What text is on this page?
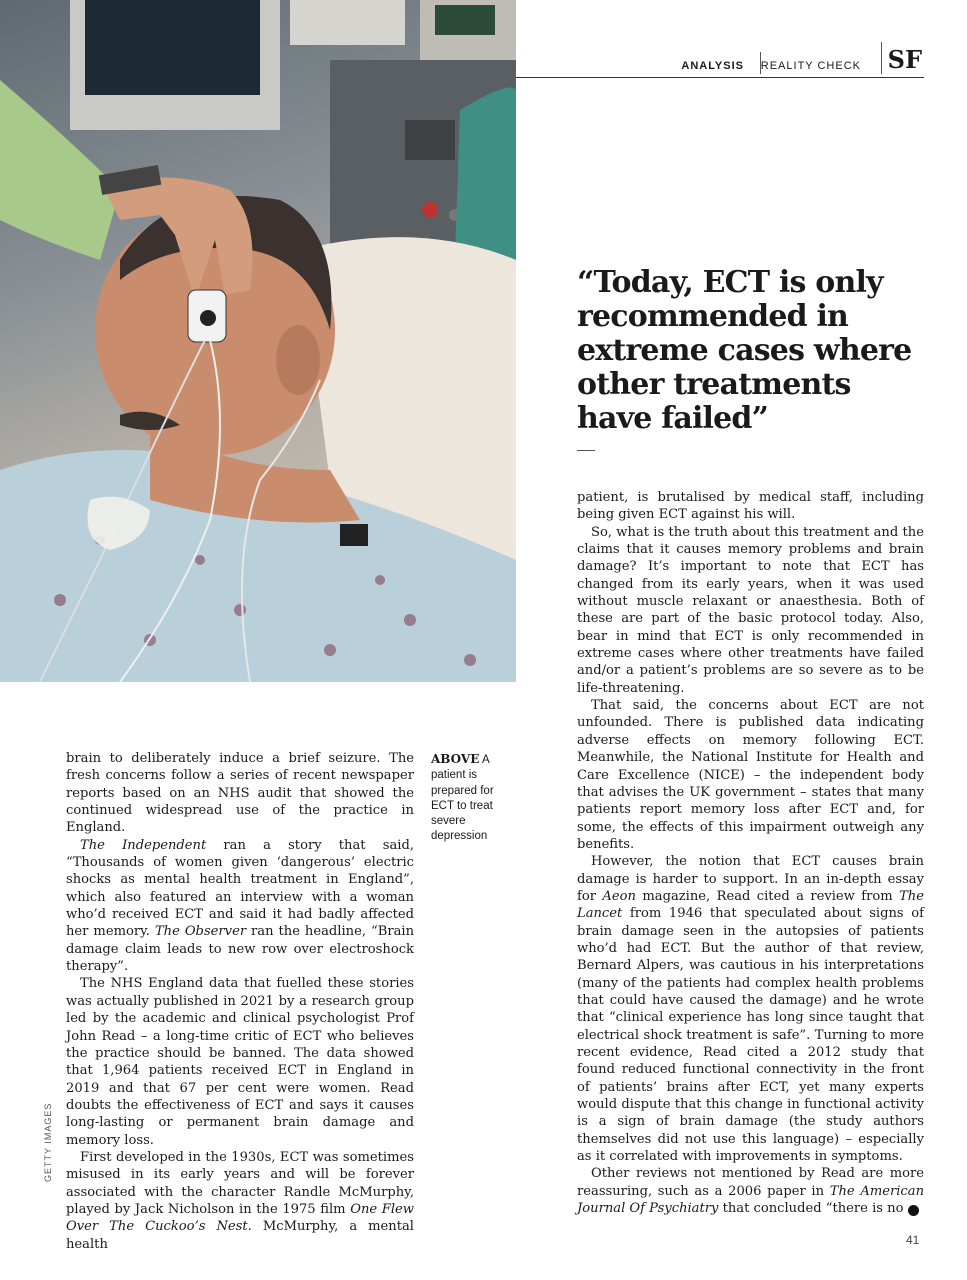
ANALYSIS REALITY CHECK SF

“Today, ECT is only recommended in extreme cases where other treatments have failed”

brain to deliberately induce a brief seizure. The fresh concerns follow a series of recent newspaper reports based on an NHS audit that showed the continued widespread use of the practice in England.

The Independent ran a story that said, “Thousands of women given ‘dangerous’ electric shocks as mental health treatment in England”, which also featured an interview with a woman who’d received ECT and said it had badly affected her memory. The Observer ran the headline, “Brain damage claim leads to new row over electroshock therapy”.

The NHS England data that fuelled these stories was actually published in 2021 by a research group led by the academic and clinical psychologist Prof John Read – a long-time critic of ECT who believes the practice should be banned. The data showed that 1,964 patients received ECT in England in 2019 and that 67 per cent were women. Read doubts the effectiveness of ECT and says it causes long-lasting or permanent brain damage and memory loss.

First developed in the 1930s, ECT was sometimes misused in its early years and will be forever associated with the character Randle McMurphy, played by Jack Nicholson in the 1975 film One Flew Over The Cuckoo’s Nest. McMurphy, a mental health

ABOVE A patient is prepared for ECT to treat severe depression

patient, is brutalised by medical staff, including being given ECT against his will.

So, what is the truth about this treatment and the claims that it causes memory problems and brain damage? It’s important to note that ECT has changed from its early years, when it was used without muscle relaxant or anaesthesia. Both of these are part of the basic protocol today. Also, bear in mind that ECT is only recommended in extreme cases where other treatments have failed and/or a patient’s problems are so severe as to be life-threatening.

That said, the concerns about ECT are not unfounded. There is published data indicating adverse effects on memory following ECT. Meanwhile, the National Institute for Health and Care Excellence (NICE) – the independent body that advises the UK government – states that many patients report memory loss after ECT and, for some, the effects of this impairment outweigh any benefits.

However, the notion that ECT causes brain damage is harder to support. In an in-depth essay for Aeon magazine, Read cited a review from The Lancet from 1946 that speculated about signs of brain damage seen in the autopsies of patients who’d had ECT. But the author of that review, Bernard Alpers, was cautious in his interpretations (many of the patients had complex health problems that could have caused the damage) and he wrote that “clinical experience has long since taught that electrical shock treatment is safe”. Turning to more recent evidence, Read cited a 2012 study that found reduced functional connectivity in the front of patients’ brains after ECT, yet many experts would dispute that this change in functional activity is a sign of brain damage (the study authors themselves did not use this language) – especially as it correlated with improvements in symptoms.

Other reviews not mentioned by Read are more reassuring, such as a 2006 paper in The American Journal Of Psychiatry that concluded “there is no ›

GETTY IMAGES
41
